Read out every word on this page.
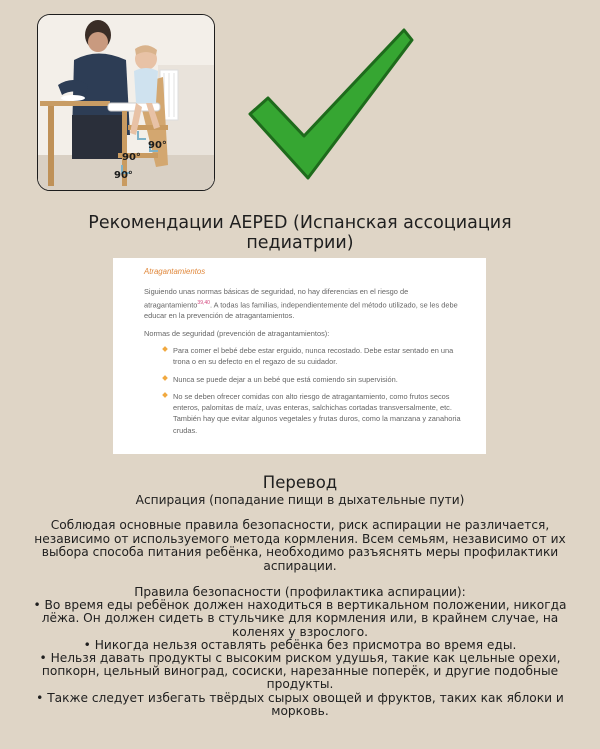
90°
90°
90°
Рекомендации AEPED (Испанская ассоциация педиатрии)
Atragantamientos

Siguiendo unas normas básicas de seguridad, no hay diferencias en el riesgo de atragantamiento$^{39,40}$. A todas las familias, independientemente del método utilizado, se les debe educar en la prevención de atragantamientos.

Normas de seguridad (prevención de atragantamientos):

Para comer el bebé debe estar erguido, nunca recostado. Debe estar sentado en una trona o en su defecto en el regazo de su cuidador.
Nunca se puede dejar a un bebé que está comiendo sin supervisión.
No se deben ofrecer comidas con alto riesgo de atragantamiento, como frutos secos enteros, palomitas de maíz, uvas enteras, salchichas cortadas transversalmente, etc. También hay que evitar algunos vegetales y frutas duros, como la manzana y zanahoria crudas.
Перевод
Аспирация (попадание пищи в дыхательные пути)
Соблюдая основные правила безопасности, риск аспирации не различается, независимо от используемого метода кормления. Всем семьям, независимо от их выбора способа питания ребёнка, необходимо разъяснять меры профилактики аспирации.
Правила безопасности (профилактика аспирации):
• Во время еды ребёнок должен находиться в вертикальном положении, никогда лёжа. Он должен сидеть в стульчике для кормления или, в крайнем случае, на коленях у взрослого.
• Никогда нельзя оставлять ребёнка без присмотра во время еды.
• Нельзя давать продукты с высоким риском удушья, такие как цельные орехи, попкорн, цельный виноград, сосиски, нарезанные поперёк, и другие подобные продукты.
• Также следует избегать твёрдых сырых овощей и фруктов, таких как яблоки и морковь.
